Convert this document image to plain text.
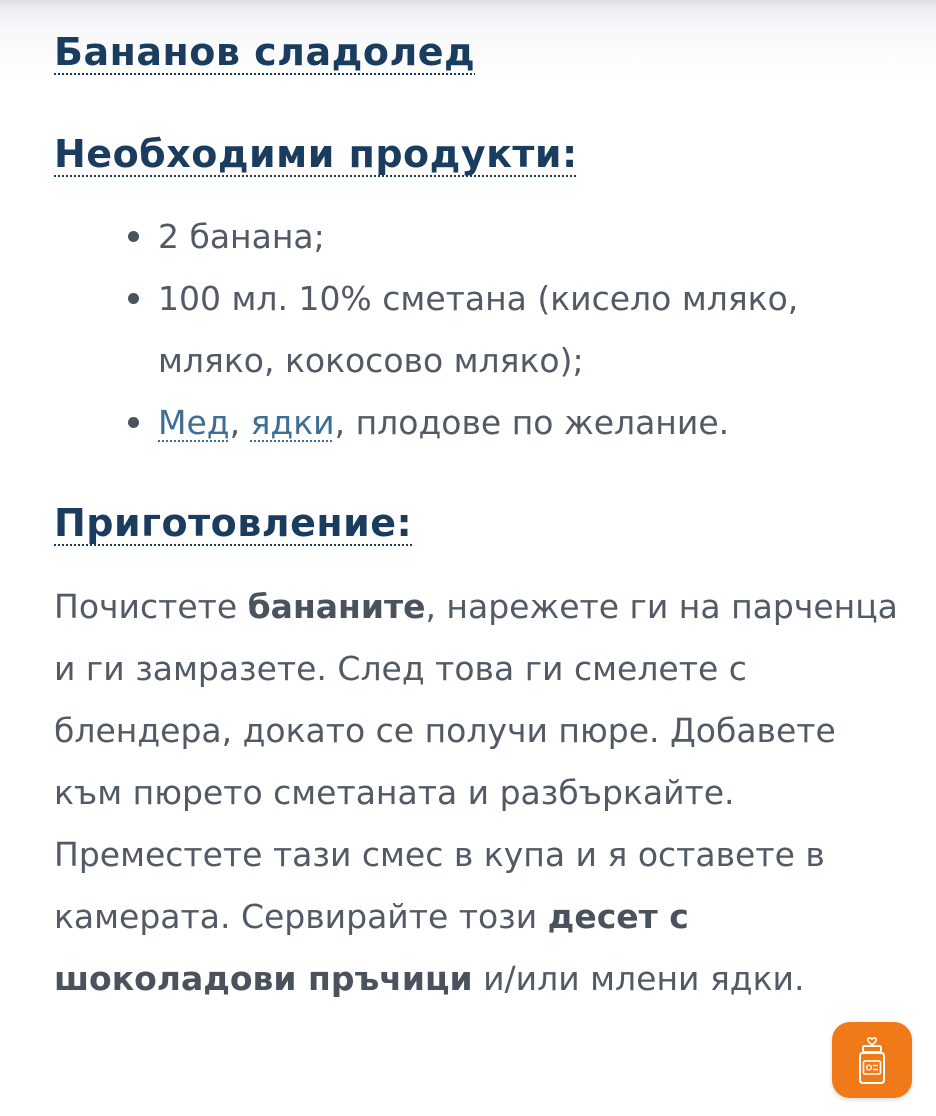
Бананов сладолед
Необходими продукти:
2 банана;
100 мл. 10% сметана (кисело мляко, мляко, кокосово мляко);
Мед, ядки, плодове по желание.
Приготовление:

Почистете бананите, нарежете ги на парченца и ги замразете. След това ги смелете с блендера, докато се получи пюре. Добавете към пюрето сметаната и разбъркайте. Преместете тази смес в купа и я оставете в камерата. Сервирайте този десет с шоколадови пръчици и/или млени ядки.
